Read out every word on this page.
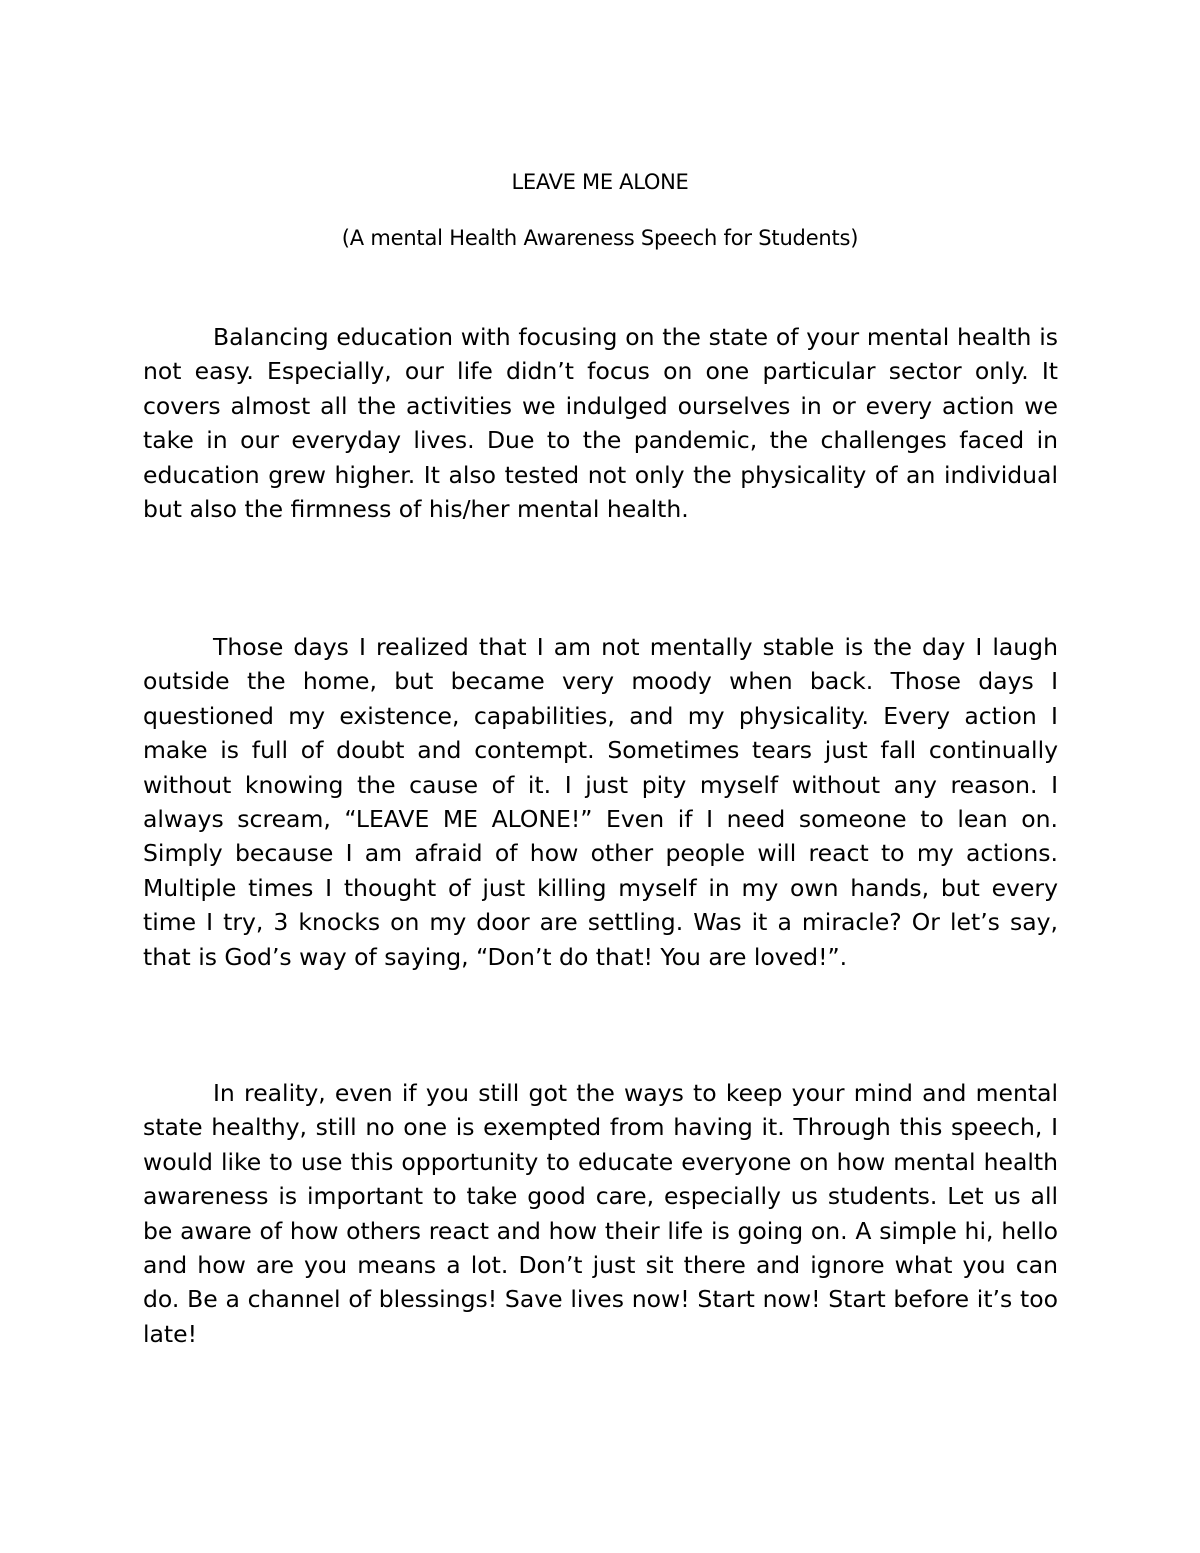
LEAVE ME ALONE

(A mental Health Awareness Speech for Students)

Balancing education with focusing on the state of your mental health is not easy. Especially, our life didn’t focus on one particular sector only. It covers almost all the activities we indulged ourselves in or every action we take in our everyday lives. Due to the pandemic, the challenges faced in education grew higher. It also tested not only the physicality of an individual but also the firmness of his/her mental health.

Those days I realized that I am not mentally stable is the day I laugh outside the home, but became very moody when back. Those days I questioned my existence, capabilities, and my physicality. Every action I make is full of doubt and contempt. Sometimes tears just fall continually without knowing the cause of it. I just pity myself without any reason. I always scream, “LEAVE ME ALONE!” Even if I need someone to lean on. Simply because I am afraid of how other people will react to my actions. Multiple times I thought of just killing myself in my own hands, but every time I try, 3 knocks on my door are settling. Was it a miracle? Or let’s say, that is God’s way of saying, “Don’t do that! You are loved!”.

In reality, even if you still got the ways to keep your mind and mental state healthy, still no one is exempted from having it. Through this speech, I would like to use this opportunity to educate everyone on how mental health awareness is important to take good care, especially us students. Let us all be aware of how others react and how their life is going on. A simple hi, hello and how are you means a lot. Don’t just sit there and ignore what you can do. Be a channel of blessings! Save lives now! Start now! Start before it’s too late!
